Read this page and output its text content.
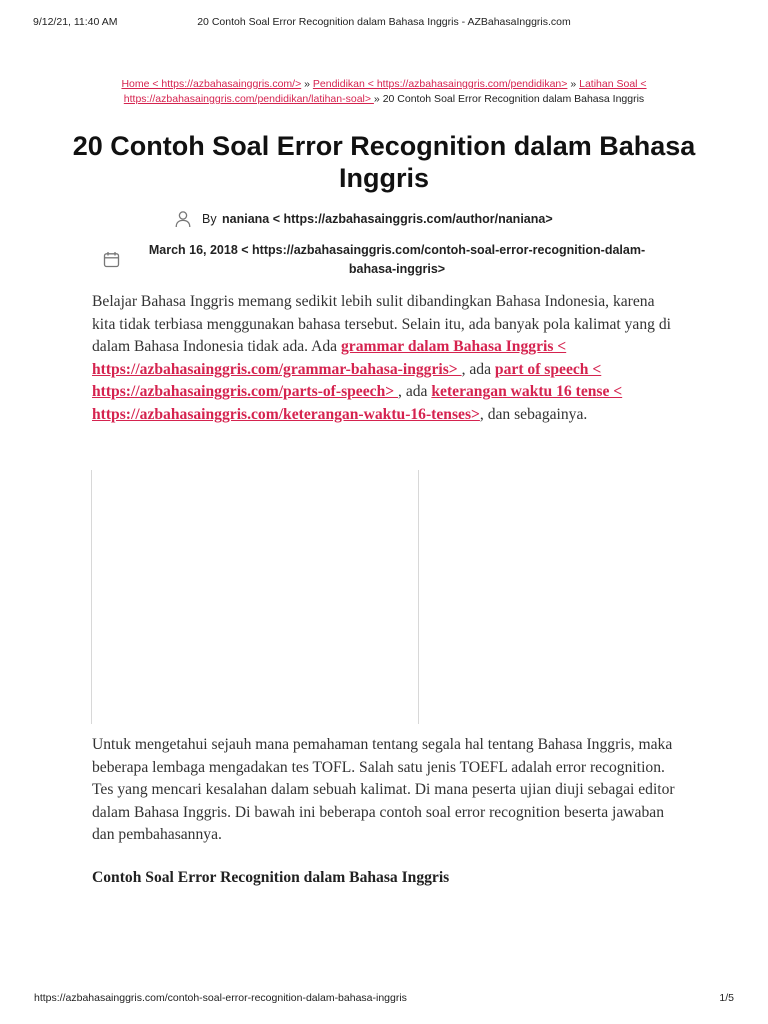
9/12/21, 11:40 AM	20 Contoh Soal Error Recognition dalam Bahasa Inggris - AZBahasaInggris.com
Home < https://azbahasainggris.com/> » Pendidikan < https://azbahasainggris.com/pendidikan> » Latihan Soal <
https://azbahasainggris.com/pendidikan/latihan-soal> » 20 Contoh Soal Error Recognition dalam Bahasa Inggris
20 Contoh Soal Error Recognition dalam Bahasa Inggris
By naniana < https://azbahasainggris.com/author/naniana>
March 16, 2018 < https://azbahasainggris.com/contoh-soal-error-recognition-dalam-bahasa-inggris>

Belajar Bahasa Inggris memang sedikit lebih sulit dibandingkan Bahasa Indonesia, karena kita tidak terbiasa menggunakan bahasa tersebut. Selain itu, ada banyak pola kalimat yang di dalam Bahasa Indonesia tidak ada. Ada grammar dalam Bahasa Inggris < https://azbahasainggris.com/grammar-bahasa-inggris> , ada part of speech < https://azbahasainggris.com/parts-of-speech> , ada keterangan waktu 16 tense < https://azbahasainggris.com/keterangan-waktu-16-tenses>, dan sebagainya.

Untuk mengetahui sejauh mana pemahaman tentang segala hal tentang Bahasa Inggris, maka beberapa lembaga mengadakan tes TOFL. Salah satu jenis TOEFL adalah error recognition. Tes yang mencari kesalahan dalam sebuah kalimat. Di mana peserta ujian diuji sebagai editor dalam Bahasa Inggris. Di bawah ini beberapa contoh soal error recognition beserta jawaban dan pembahasannya.

Contoh Soal Error Recognition dalam Bahasa Inggris
https://azbahasainggris.com/contoh-soal-error-recognition-dalam-bahasa-inggris	1/5
